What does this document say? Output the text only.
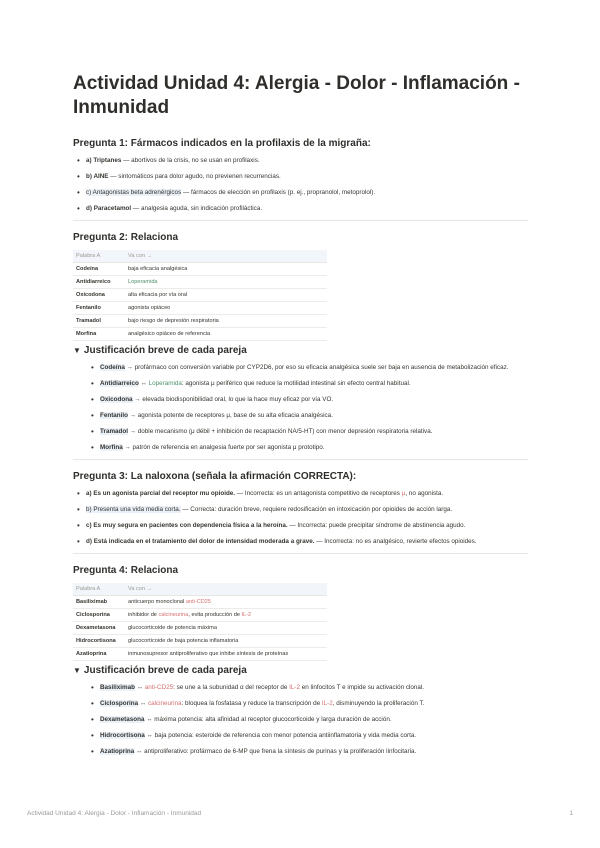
Actividad Unidad 4: Alergia - Dolor - Inflamación - Inmunidad
Pregunta 1: Fármacos indicados en la profilaxis de la migraña:
• a) Triptanes — abortivos de la crisis, no se usan en profilaxis.
• b) AINE — sintomáticos para dolor agudo, no previenen recurrencias.
• c) Antagonistas beta adrenérgicos — fármacos de elección en profilaxis (p. ej., propranolol, metoprolol).
• d) Paracetamol — analgesia aguda, sin indicación profiláctica.
Pregunta 2: Relaciona
Palabra A	Va con →
Codeína	baja eficacia analgésica
Antidiarreico	Loperamida
Oxicodona	alta eficacia por vía oral
Fentanilo	agonista opiáceo
Tramadol	bajo riesgo de depresión respiratoria
Morfina	analgésico opiáceo de referencia
▼ Justificación breve de cada pareja
• Codeína → profármaco con conversión variable por CYP2D6, por eso su eficacia analgésica suele ser baja en ausencia de metabolización eficaz.
• Antidiarreico ↔ Loperamida: agonista μ periférico que reduce la motilidad intestinal sin efecto central habitual.
• Oxicodona → elevada biodisponibilidad oral, lo que la hace muy eficaz por vía VO.
• Fentanilo → agonista potente de receptores μ, base de su alta eficacia analgésica.
• Tramadol → doble mecanismo (μ débil + inhibición de recaptación NA/5-HT) con menor depresión respiratoria relativa.
• Morfina → patrón de referencia en analgesia fuerte por ser agonista μ prototipo.
Pregunta 3: La naloxona (señala la afirmación CORRECTA):
• a) Es un agonista parcial del receptor mu opioide. — Incorrecta: es un antagonista competitivo de receptores μ, no agonista.
• b) Presenta una vida media corta. — Correcta: duración breve, requiere redosificación en intoxicación por opioides de acción larga.
• c) Es muy segura en pacientes con dependencia física a la heroína. — Incorrecta: puede precipitar síndrome de abstinencia agudo.
• d) Está indicada en el tratamiento del dolor de intensidad moderada a grave. — Incorrecta: no es analgésico, revierte efectos opioides.
Pregunta 4: Relaciona
Palabra A	Va con →
Basiliximab	anticuerpo monoclonal anti-CD25
Ciclosporina	inhibidor de calcineurina, evita producción de IL-2
Dexametasona	glucocorticoide de potencia máxima
Hidrocortisona	glucocorticoide de baja potencia inflamatoria
Azatioprina	inmunosupresor antiproliferativo que inhibe síntesis de proteínas
▼ Justificación breve de cada pareja
• Basiliximab ↔ anti-CD25: se une a la subunidad α del receptor de IL-2 en linfocitos T e impide su activación clonal.
• Ciclosporina ↔ calcineurina: bloquea la fosfatasa y reduce la transcripción de IL-2, disminuyendo la proliferación T.
• Dexametasona ↔ máxima potencia: alta afinidad al receptor glucocorticoide y larga duración de acción.
• Hidrocortisona ↔ baja potencia: esteroide de referencia con menor potencia antiinflamatoria y vida media corta.
• Azatioprina ↔ antiproliferativo: profármaco de 6-MP que frena la síntesis de purinas y la proliferación linfocitaria.
Actividad Unidad 4: Alergia - Dolor - Inflamación - Inmunidad	1
